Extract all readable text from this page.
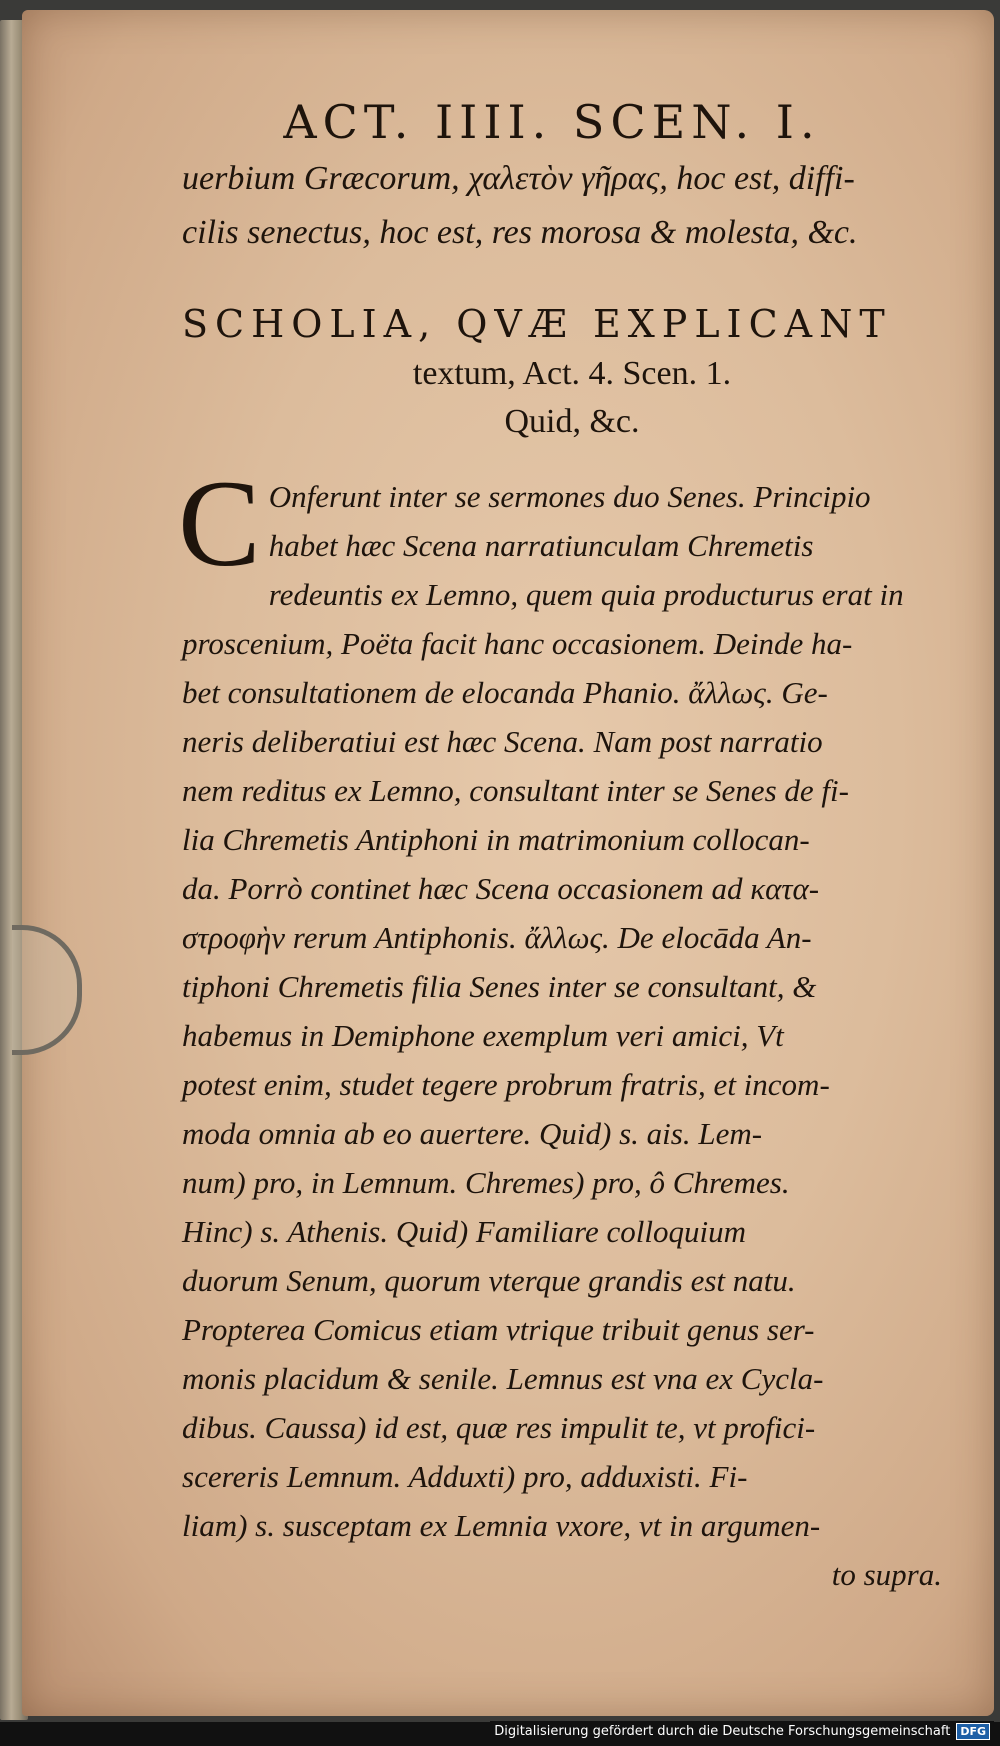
ACT. IIII. SCEN. I.

uerbium Græcorum, χαλετὸν γῆρας, hoc est, diffi-

cilis senectus, hoc est, res morosa & molesta, &c.

SCHOLIA, QVÆ EXPLICANT

textum, Act. 4. Scen. 1.

Quid, &c.

C Onferunt inter se sermones duo Senes. Principio
habet hæc Scena narratiunculam Chremetis
redeuntis ex Lemno, quem quia producturus erat in
proscenium, Poëta facit hanc occasionem. Deinde ha-
bet consultationem de elocanda Phanio. ἄλλως. Ge-
neris deliberatiui est hæc Scena. Nam post narratio
nem reditus ex Lemno, consultant inter se Senes de fi-
lia Chremetis Antiphoni in matrimonium collocan-
da. Porrò continet hæc Scena occasionem ad κατα-
στροφὴν rerum Antiphonis. ἄλλως. De elocāda An-
tiphoni Chremetis filia Senes inter se consultant, &
habemus in Demiphone exemplum veri amici, Vt
potest enim, studet tegere probrum fratris, et incom-
moda omnia ab eo auertere. Quid) s. ais. Lem-
num) pro, in Lemnum. Chremes) pro, ô Chremes.
Hinc) s. Athenis. Quid) Familiare colloquium
duorum Senum, quorum vterque grandis est natu.
Propterea Comicus etiam vtrique tribuit genus ser-
monis placidum & senile. Lemnus est vna ex Cycla-
dibus. Caussa) id est, quæ res impulit te, vt profici-
scereris Lemnum. Adduxti) pro, adduxisti. Fi-
liam) s. susceptam ex Lemnia vxore, vt in argumen-
to supra.
Digitalisierung gefördert durch die Deutsche Forschungsgemeinschaft DFG
